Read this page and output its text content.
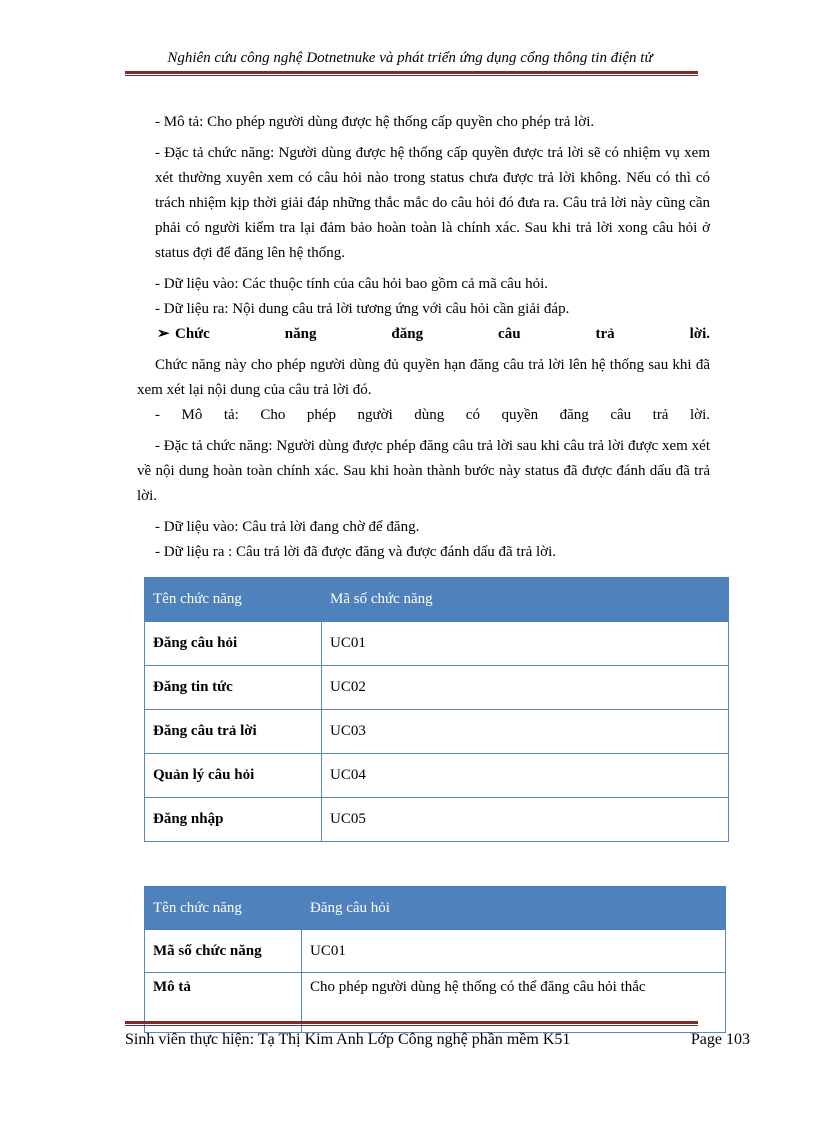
Nghiên cứu công nghệ Dotnetnuke và phát triển ứng dụng cổng thông tin điện tử

- Mô tả: Cho phép người dùng được hệ thống cấp quyền cho phép trả lời.

- Đặc tả chức năng: Người dùng được hệ thống cấp quyền được trả lời sẽ có nhiệm vụ xem xét thường xuyên xem có câu hỏi nào trong status chưa được trả lời không. Nếu có thì có trách nhiệm kịp thời giải đáp những thắc mắc do câu hỏi đó đưa ra. Câu trả lời này cũng cần phải có người kiểm tra lại đảm bảo hoàn toàn là chính xác. Sau khi trả lời xong câu hỏi ở status đợi để đăng lên hệ thống.

- Dữ liệu vào: Các thuộc tính của câu hỏi bao gồm cả mã câu hỏi.

- Dữ liệu ra: Nội dung câu trả lời tương ứng với câu hỏi cần giải đáp.

➢ Chức năng đăng câu trả lời.

Chức năng này cho phép người dùng đủ quyền hạn đăng câu trả lời lên hệ thống sau khi đã xem xét lại nội dung của câu trả lời đó.

- Mô tả: Cho phép người dùng có quyền đăng câu trả lời.

- Đặc tả chức năng: Người dùng được phép đăng câu trả lời sau khi câu trả lời được xem xét về nội dung hoàn toàn chính xác. Sau khi hoàn thành bước này status đã được đánh dấu đã trả lời.

- Dữ liệu vào: Câu trả lời đang chờ để đăng.

- Dữ liệu ra : Câu trả lời đã được đăng và được đánh dấu đã trả lời.

Tên chức năng	Mã số chức năng
Đăng câu hỏi	UC01
Đăng tin tức	UC02
Đăng câu trả lời	UC03
Quản lý câu hỏi	UC04
Đăng nhập	UC05
Tên chức năng	Đăng câu hỏi
Mã số chức năng	UC01
Mô tả	Cho phép người dùng hệ thống có thể đăng câu hỏi thắc
Sinh viên thực hiện: Tạ Thị Kim Anh Lớp Công nghệ phần mềm K51	Page 103
